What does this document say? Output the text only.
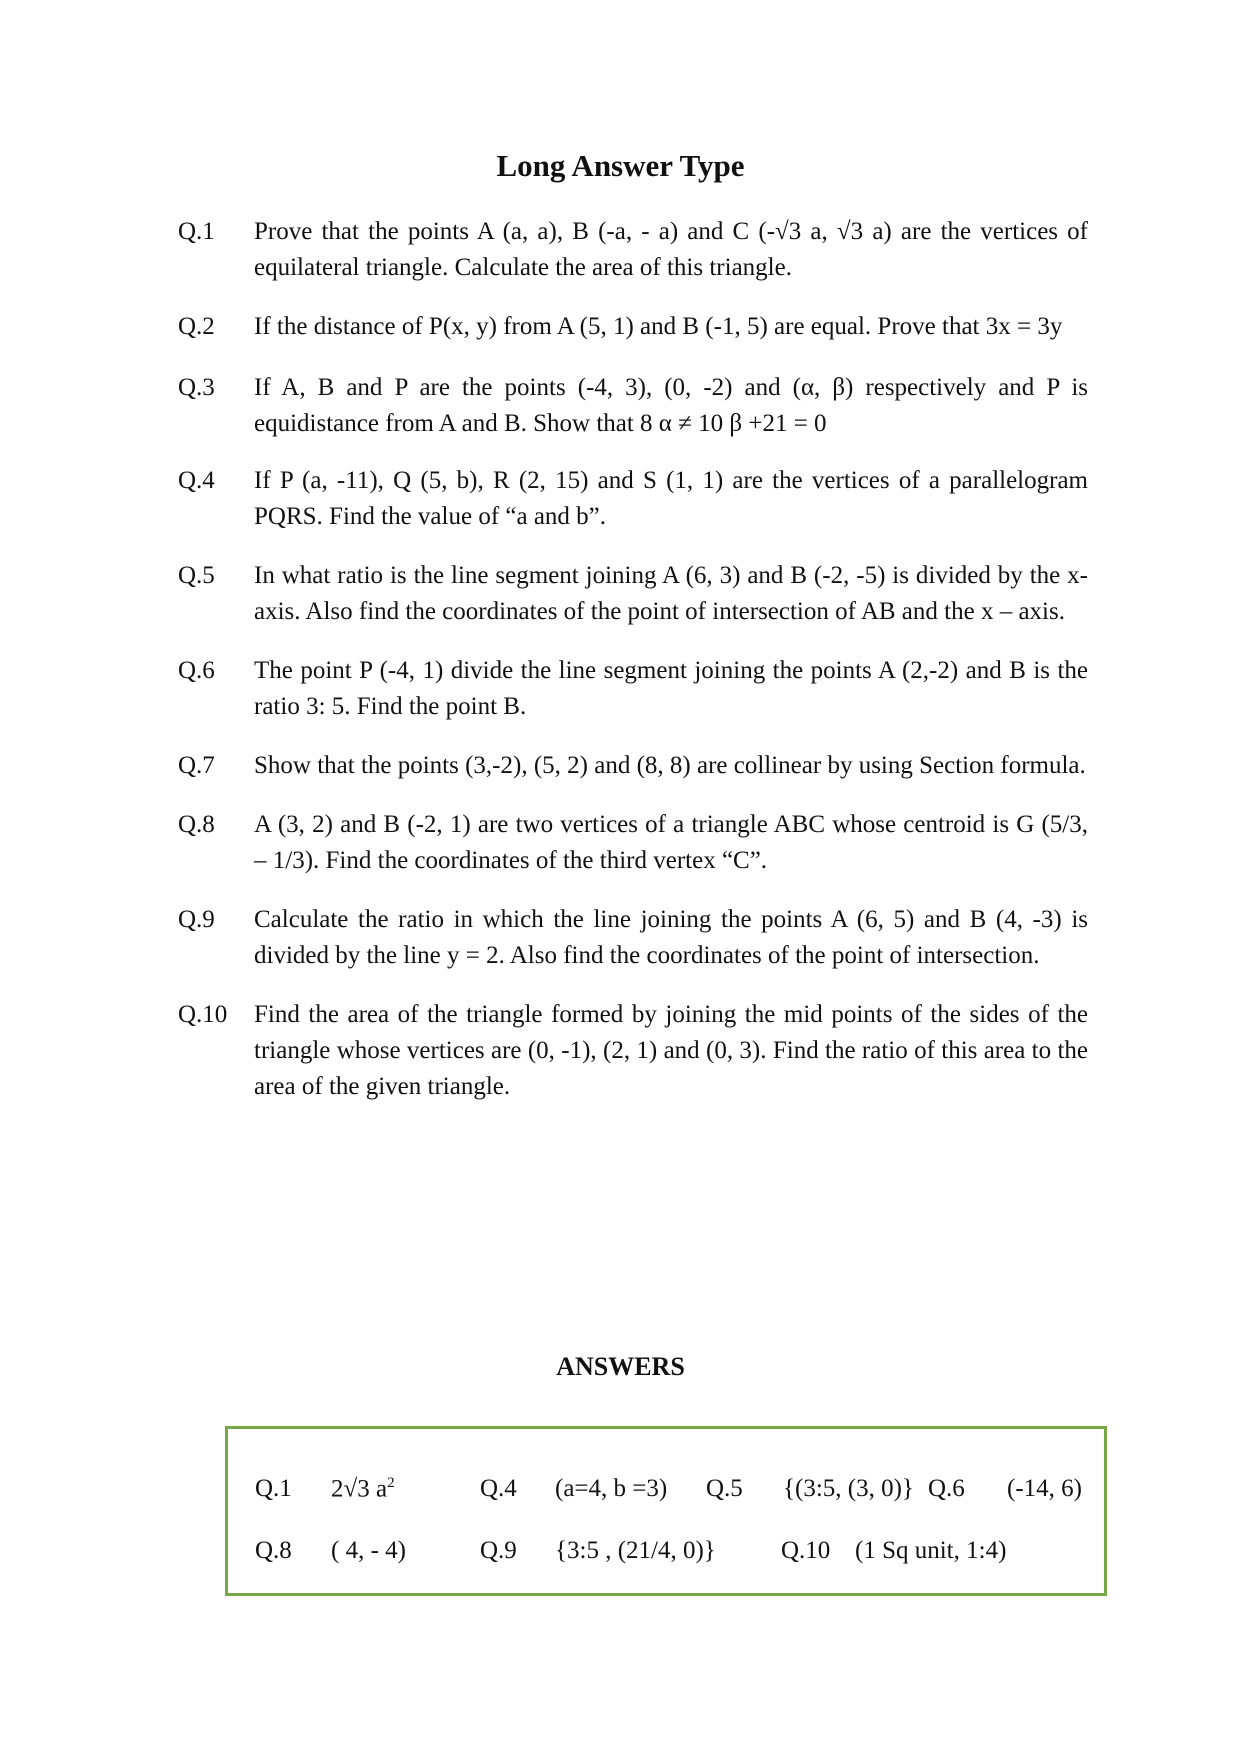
Long Answer Type
Q.1 Prove that the points A (a, a), B (-a, - a) and C (-√3 a, √3 a) are the vertices of equilateral triangle. Calculate the area of this triangle.
Q.2 If the distance of P(x, y) from A (5, 1) and B (-1, 5) are equal. Prove that 3x = 3y
Q.3 If A, B and P are the points (-4, 3), (0, -2) and (α, β) respectively and P is equidistance from A and B. Show that 8 α ≠ 10 β +21 = 0
Q.4 If P (a, -11), Q (5, b), R (2, 15) and S (1, 1) are the vertices of a parallelogram PQRS. Find the value of “a and b”.
Q.5 In what ratio is the line segment joining A (6, 3) and B (-2, -5) is divided by the x-axis. Also find the coordinates of the point of intersection of AB and the x – axis.
Q.6 The point P (-4, 1) divide the line segment joining the points A (2,-2) and B is the ratio 3: 5. Find the point B.
Q.7 Show that the points (3,-2), (5, 2) and (8, 8) are collinear by using Section formula.
Q.8 A (3, 2) and B (-2, 1) are two vertices of a triangle ABC whose centroid is G (5/3, – 1/3). Find the coordinates of the third vertex “C”.
Q.9 Calculate the ratio in which the line joining the points A (6, 5) and B (4, -3) is divided by the line y = 2. Also find the coordinates of the point of intersection.
Q.10 Find the area of the triangle formed by joining the mid points of the sides of the triangle whose vertices are (0, -1), (2, 1) and (0, 3). Find the ratio of this area to the area of the given triangle.
ANSWERS
Q.1 2√3 $a^2$	Q.4 (a=4, b =3) Q.5 {(3:5, (3, 0)} Q.6 (-14, 6)
Q.8 ( 4, - 4)	Q.9 {3:5 , (21/4, 0)}	Q.10 (1 Sq unit, 1:4)
